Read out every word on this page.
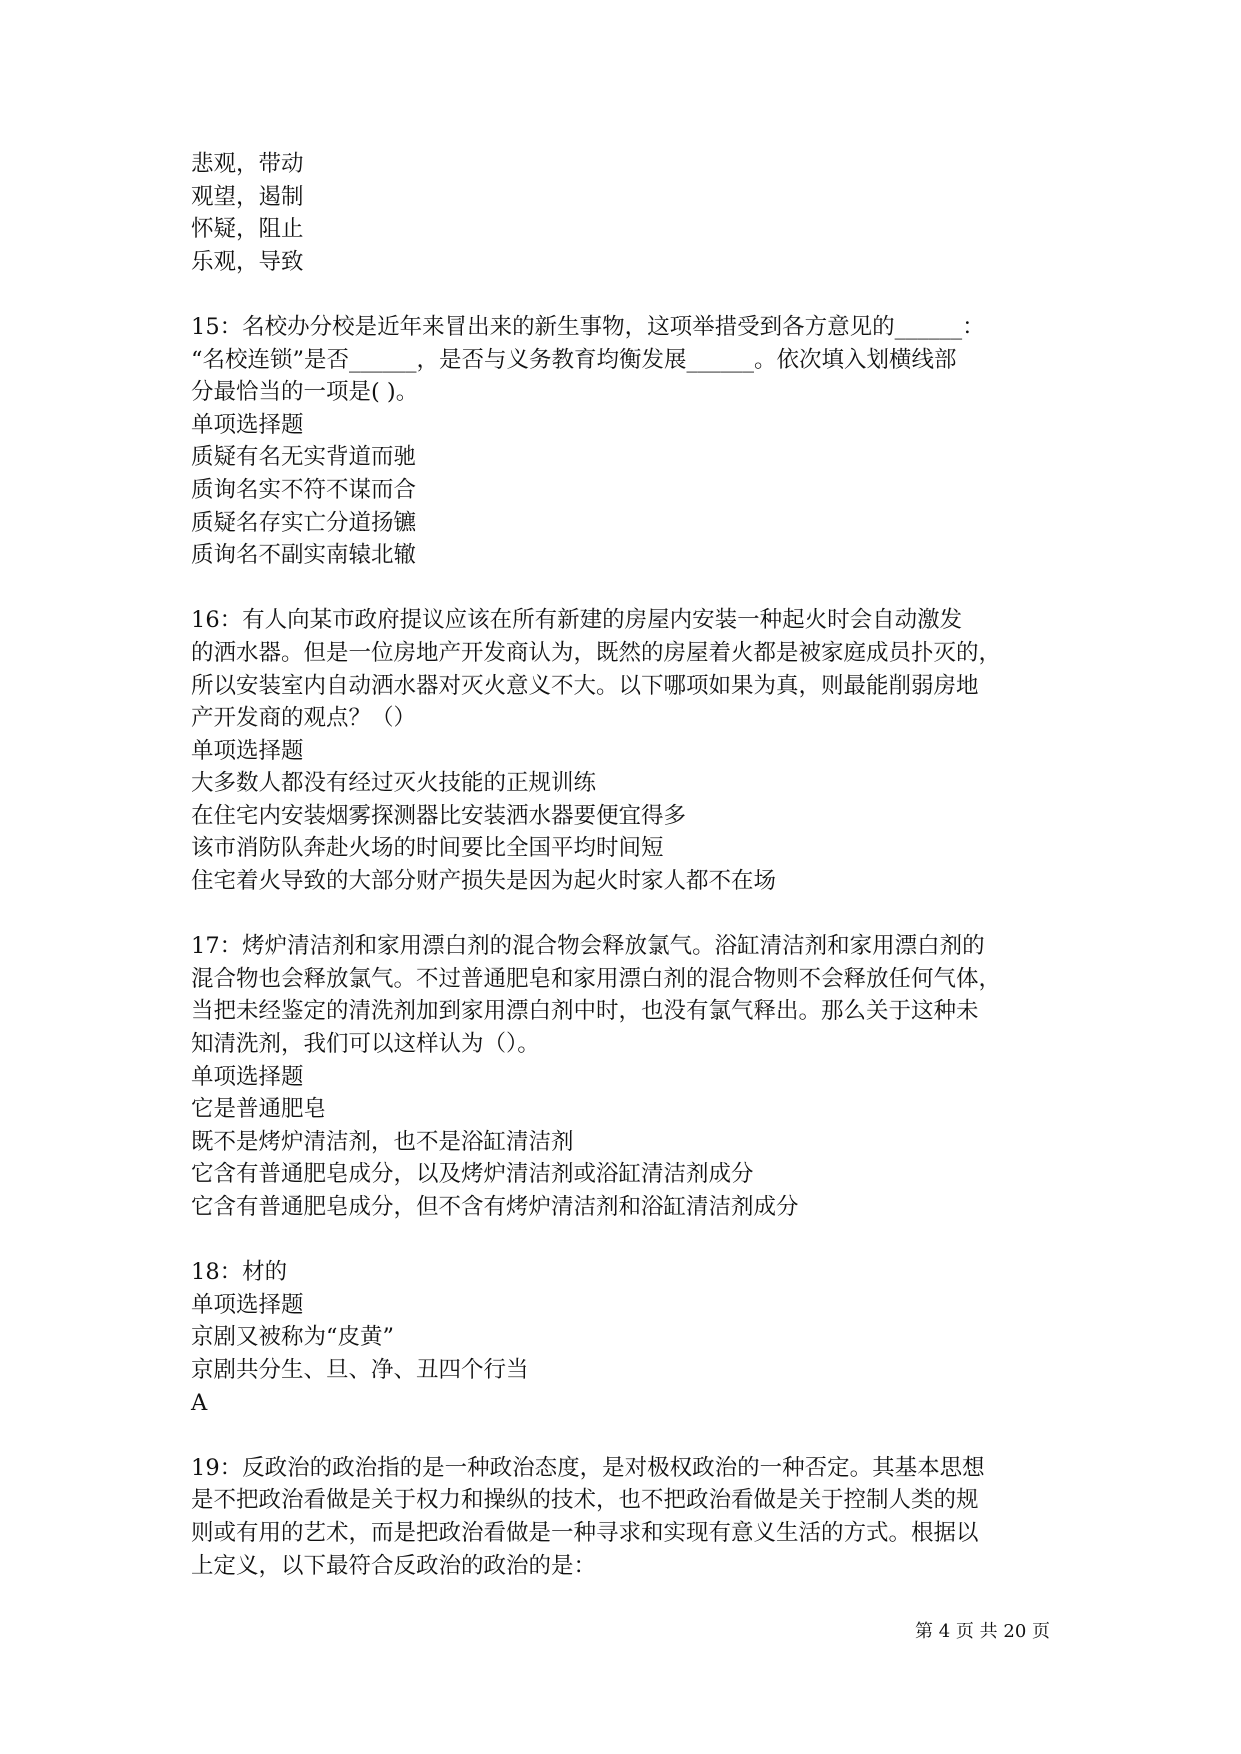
悲观，带动
观望，遏制
怀疑，阻止
乐观，导致
15：名校办分校是近年来冒出来的新生事物，这项举措受到各方意见的______：
“名校连锁”是否______，是否与义务教育均衡发展______。依次填入划横线部
分最恰当的一项是( )。
单项选择题
质疑有名无实背道而驰
质询名实不符不谋而合
质疑名存实亡分道扬镳
质询名不副实南辕北辙
16：有人向某市政府提议应该在所有新建的房屋内安装一种起火时会自动激发
的洒水器。但是一位房地产开发商认为，既然的房屋着火都是被家庭成员扑灭的，
所以安装室内自动洒水器对灭火意义不大。以下哪项如果为真，则最能削弱房地
产开发商的观点？（）
单项选择题
大多数人都没有经过灭火技能的正规训练
在住宅内安装烟雾探测器比安装洒水器要便宜得多
该市消防队奔赴火场的时间要比全国平均时间短
住宅着火导致的大部分财产损失是因为起火时家人都不在场
17：烤炉清洁剂和家用漂白剂的混合物会释放氯气。浴缸清洁剂和家用漂白剂的
混合物也会释放氯气。不过普通肥皂和家用漂白剂的混合物则不会释放任何气体，
当把未经鉴定的清洗剂加到家用漂白剂中时，也没有氯气释出。那么关于这种未
知清洗剂，我们可以这样认为（）。
单项选择题
它是普通肥皂
既不是烤炉清洁剂，也不是浴缸清洁剂
它含有普通肥皂成分，以及烤炉清洁剂或浴缸清洁剂成分
它含有普通肥皂成分，但不含有烤炉清洁剂和浴缸清洁剂成分
18：材的
单项选择题
京剧又被称为“皮黄”
京剧共分生、旦、净、丑四个行当
A
19：反政治的政治指的是一种政治态度，是对极权政治的一种否定。其基本思想
是不把政治看做是关于权力和操纵的技术，也不把政治看做是关于控制人类的规
则或有用的艺术，而是把政治看做是一种寻求和实现有意义生活的方式。根据以
上定义，以下最符合反政治的政治的是：
第 4 页 共 20 页
